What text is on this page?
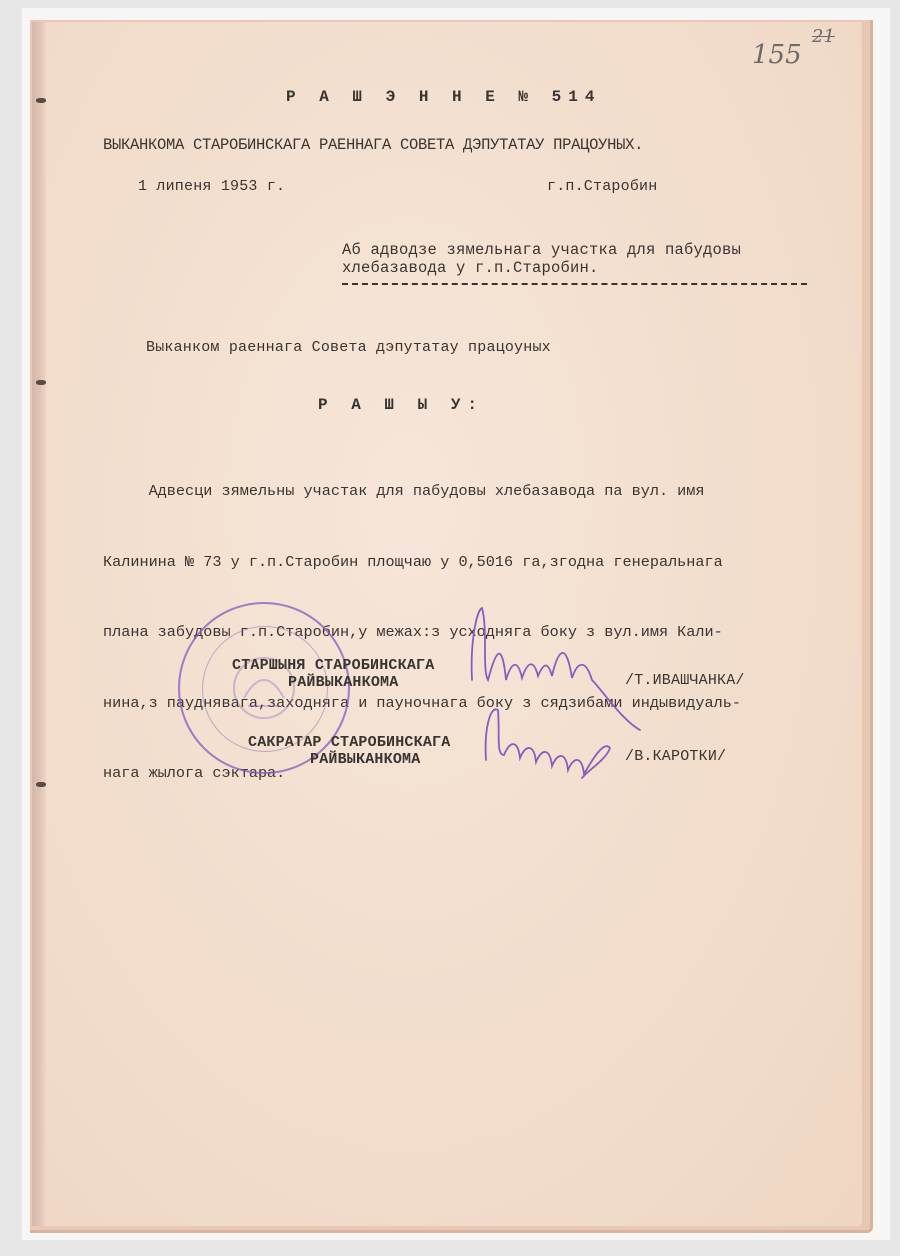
155
21
Р А Ш Э Н Н Е № 514
ВЫКАНКОМА СТАРОБИНСКАГА РАЕННАГА СОВЕТА ДЭПУТАТАУ ПРАЦОУНЫХ.
1 липеня 1953 г.	г.п.Старобин
Аб адводзе зямельнага участка для пабудовы
хлебазавода у г.п.Старобин.
Выканком раеннага Совета дэпутатау працоуных
Р А Ш Ы У:

Адвесци зямельны участак для пабудовы хлебазавода па вул. имя

Калинина № 73 у г.п.Старобин площчаю у 0,5016 га,згодна генеральнага

плана забудовы г.п.Старобин,у межах:з усходняга боку з вул.имя Кали-

нина,з пауднявага,заходняга и пауночнага боку з сядзибами индывидуаль-

нага жылога сэктара.

СТАРШЫНЯ СТАРОБИНСКАГА
РАЙВЫКАНКОМА	/Т.ИВАШЧАНКА/
САКРАТАР СТАРОБИНСКАГА
РАЙВЫКАНКОМА	/В.КАРОТКИ/
